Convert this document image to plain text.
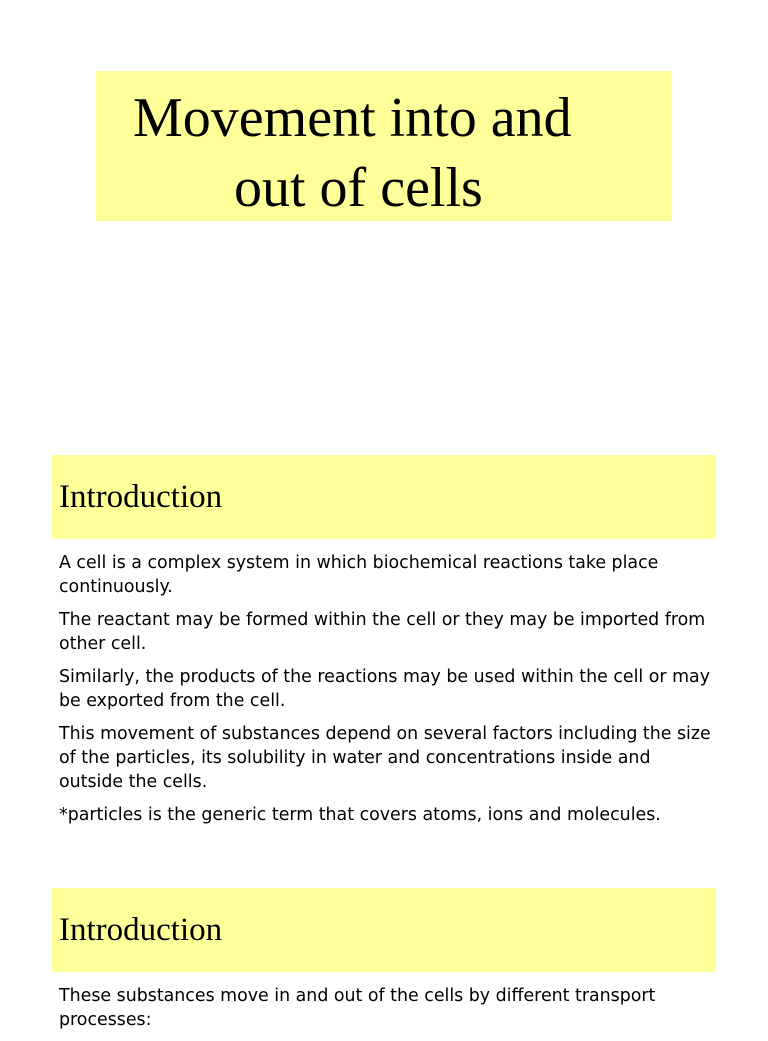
Movement into and
out of cells
Introduction

A cell is a complex system in which biochemical reactions take place continuously.

The reactant may be formed within the cell or they may be imported from other cell.

Similarly, the products of the reactions may be used within the cell or may be exported from the cell.

This movement of substances depend on several factors including the size of the particles, its solubility in water and concentrations inside and outside the cells.

*particles is the generic term that covers atoms, ions and molecules.

Introduction

These substances move in and out of the cells by different transport processes:
